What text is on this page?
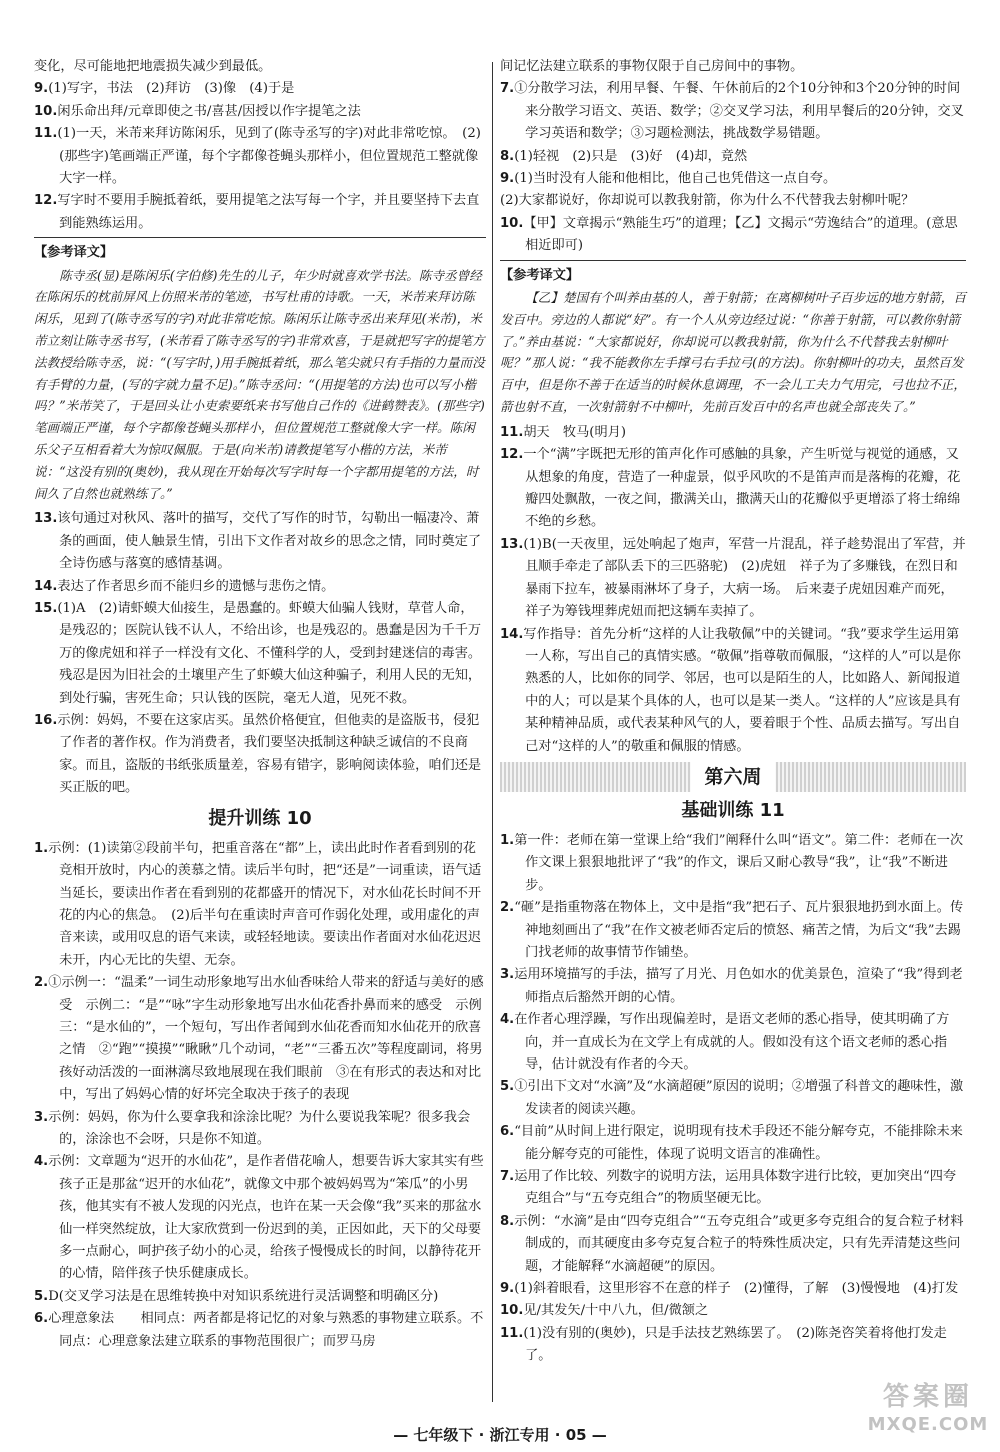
变化，尽可能地把地震损失减少到最低。

9.(1)写字，书法　(2)拜访　(3)像　(4)于是

10.闲乐命出拜/元章即使之书/喜甚/因授以作字提笔之法

11.(1)一天，米芾来拜访陈闲乐，见到了(陈寺丞写的字)对此非常吃惊。　(2)(那些字)笔画端正严谨，每个字都像苍蝇头那样小，但位置规范工整就像大字一样。

12.写字时不要用手腕抵着纸，要用提笔之法写每一个字，并且要坚持下去直到能熟练运用。

【参考译文】

陈寺丞(显)是陈闲乐(字伯修)先生的儿子，年少时就喜欢学书法。陈寺丞曾经在陈闲乐的枕前屏风上仿照米芾的笔迹，书写杜甫的诗歌。一天，米芾来拜访陈闲乐，见到了(陈寺丞写的字)对此非常吃惊。陈闲乐让陈寺丞出来拜见(米芾)，米芾立刻让陈寺丞书写，(米芾看了陈寺丞写的字)非常欢喜，于是就把写字的提笔方法教授给陈寺丞，说：“(写字时，)用手腕抵着纸，那么笔尖就只有手指的力量而没有手臂的力量，(写的字就力量不足)。”陈寺丞问：“(用提笔的方法)也可以写小楷吗？”米芾笑了，于是回头让小吏索要纸来书写他自己作的《进鹤赞表》。(那些字)笔画端正严谨，每个字都像苍蝇头那样小，但位置规范工整就像大字一样。陈闲乐父子互相看着大为惊叹佩服。于是(向米芾)请教提笔写小楷的方法，米芾说：“这没有别的(奥妙)，我从现在开始每次写字时每一个字都用提笔的方法，时间久了自然也就熟练了。”

13.该句通过对秋风、落叶的描写，交代了写作的时节，勾勒出一幅凄冷、萧条的画面，使人触景生情，引出下文作者对故乡的思念之情，同时奠定了全诗伤感与落寞的感情基调。

14.表达了作者思乡而不能归乡的遗憾与悲伤之情。

15.(1)A　(2)请虾蟆大仙接生，是愚蠢的。虾蟆大仙骗人钱财，草菅人命，是残忍的；医院认钱不认人，不给出诊，也是残忍的。愚蠢是因为千千万万的像虎妞和祥子一样没有文化、不懂科学的人，受到封建迷信的毒害。残忍是因为旧社会的土壤里产生了虾蟆大仙这种骗子，利用人民的无知，到处行骗，害死生命；只认钱的医院，毫无人道，见死不救。

16.示例：妈妈，不要在这家店买。虽然价格便宜，但他卖的是盗版书，侵犯了作者的著作权。作为消费者，我们要坚决抵制这种缺乏诚信的不良商家。而且，盗版的书纸张质量差，容易有错字，影响阅读体验，咱们还是买正版的吧。

提升训练 10

1.示例：(1)读第②段前半句，把重音落在“都”上，读出此时作者看到别的花竞相开放时，内心的羡慕之情。读后半句时，把“还是”一词重读，语气适当延长，要读出作者在看到别的花都盛开的情况下，对水仙花长时间不开花的内心的焦急。　(2)后半句在重读时声音可作弱化处理，或用虚化的声音来读，或用叹息的语气来读，或轻轻地读。要读出作者面对水仙花迟迟未开，内心无比的失望、无奈。

2.①示例一：“温柔”一词生动形象地写出水仙香味给人带来的舒适与美好的感受　示例二：“是”“咏”字生动形象地写出水仙花香扑鼻而来的感受　示例三：“是水仙的”，一个短句，写出作者闻到水仙花香而知水仙花开的欣喜之情　②“跑”“摸摸”“瞅瞅”几个动词，“老”“三番五次”等程度副词，将男孩好动活泼的一面淋漓尽致地展现在我们眼前　③在有形式的表达和对比中，写出了妈妈心情的好坏完全取决于孩子的表现

3.示例：妈妈，你为什么要拿我和涂涂比呢？为什么要说我笨呢？很多我会的，涂涂也不会呀，只是你不知道。

4.示例：文章题为“迟开的水仙花”，是作者借花喻人，想要告诉大家其实有些孩子正是那盆“迟开的水仙花”，就像文中那个被妈妈骂为“笨瓜”的小男孩，他其实有不被人发现的闪光点，也许在某一天会像“我”买来的那盆水仙一样突然绽放，让大家欣赏到一份迟到的美，正因如此，天下的父母要多一点耐心，呵护孩子幼小的心灵，给孩子慢慢成长的时间，以静待花开的心情，陪伴孩子快乐健康成长。

5.D(交叉学习法是在思维转换中对知识系统进行灵活调整和明确区分)

6.心理意象法　　相同点：两者都是将记忆的对象与熟悉的事物建立联系。不同点：心理意象法建立联系的事物范围很广；而罗马房

间记忆法建立联系的事物仅限于自己房间中的事物。

7.①分散学习法，利用早餐、午餐、午休前后的2个10分钟和3个20分钟的时间来分散学习语文、英语、数学；②交叉学习法，利用早餐后的20分钟，交叉学习英语和数学；③习题检测法，挑战数学易错题。

8.(1)轻视　(2)只是　(3)好　(4)却，竟然

9.(1)当时没有人能和他相比，他自己也凭借这一点自夸。

(2)大家都说好，你却说可以教我射箭，你为什么不代替我去射柳叶呢？

10.【甲】文章揭示“熟能生巧”的道理；【乙】文揭示“劳逸结合”的道理。(意思相近即可)

【参考译文】

【乙】楚国有个叫养由基的人，善于射箭；在离柳树叶子百步远的地方射箭，百发百中。旁边的人都说“好”。有一个人从旁边经过说：“你善于射箭，可以教你射箭了。”养由基说：“大家都说好，你却说可以教我射箭，你为什么不代替我去射柳叶呢？”那人说：“我不能教你左手撑弓右手拉弓(的方法)。你射柳叶的功夫，虽然百发百中，但是你不善于在适当的时候休息调理，不一会儿工夫力气用完，弓也拉不正，箭也射不直，一次射箭射不中柳叶，先前百发百中的名声也就全部丧失了。”

11.胡天　牧马(明月)

12.一个“满”字既把无形的笛声化作可感触的具象，产生听觉与视觉的通感，又从想象的角度，营造了一种虚景，似乎风吹的不是笛声而是落梅的花瓣，花瓣四处飘散，一夜之间，撒满关山，撒满天山的花瓣似乎更增添了将士绵绵不绝的乡愁。

13.(1)B(一天夜里，远处响起了炮声，军营一片混乱，祥子趁势混出了军营，并且顺手牵走了部队丢下的三匹骆驼)　(2)虎妞　祥子为了多赚钱，在烈日和暴雨下拉车，被暴雨淋坏了身子，大病一场。　后来妻子虎妞因难产而死，祥子为筹钱埋葬虎妞而把这辆车卖掉了。

14.写作指导：首先分析“这样的人让我敬佩”中的关键词。“我”要求学生运用第一人称，写出自己的真情实感。“敬佩”指尊敬而佩服，“这样的人”可以是你熟悉的人，比如你的同学、邻居，也可以是陌生的人，比如路人、新闻报道中的人；可以是某个具体的人，也可以是某一类人。“这样的人”应该是具有某种精神品质，或代表某种风气的人，要着眼于个性、品质去描写。写出自己对“这样的人”的敬重和佩服的情感。

第六周
基础训练 11

1.第一件：老师在第一堂课上给“我们”阐释什么叫“语文”。第二件：老师在一次作文课上狠狠地批评了“我”的作文，课后又耐心教导“我”，让“我”不断进步。

2.“砸”是指重物落在物体上，文中是指“我”把石子、瓦片狠狠地扔到水面上。传神地刻画出了“我”在作文被老师否定后的愤怒、痛苦之情，为后文“我”去踢门找老师的故事情节作铺垫。

3.运用环境描写的手法，描写了月光、月色如水的优美景色，渲染了“我”得到老师指点后豁然开朗的心情。

4.在作者心理浮躁，写作出现偏差时，是语文老师的悉心指导，使其明确了方向，并一直成长为在文学上有成就的人。假如没有这个语文老师的悉心指导，估计就没有作者的今天。

5.①引出下文对“水滴”及“水滴超硬”原因的说明；②增强了科普文的趣味性，激发读者的阅读兴趣。

6.“目前”从时间上进行限定，说明现有技术手段还不能分解夸克，不能排除未来能分解夸克的可能性，体现了说明文语言的准确性。

7.运用了作比较、列数字的说明方法，运用具体数字进行比较，更加突出“四夸克组合”与“五夸克组合”的物质坚硬无比。

8.示例：“水滴”是由“四夸克组合”“五夸克组合”或更多夸克组合的复合粒子材料制成的，而其硬度由多夸克复合粒子的特殊性质决定，只有先弄清楚这些问题，才能解释“水滴超硬”的原因。

9.(1)斜着眼看，这里形容不在意的样子　(2)懂得，了解　(3)慢慢地　(4)打发

10.见/其发矢/十中八九，但/微颔之

11.(1)没有别的(奥妙)，只是手法技艺熟练罢了。　(2)陈尧咨笑着将他打发走了。

— 七年级下 · 浙江专用 · 05 —
答案圈
MXQE.COM
